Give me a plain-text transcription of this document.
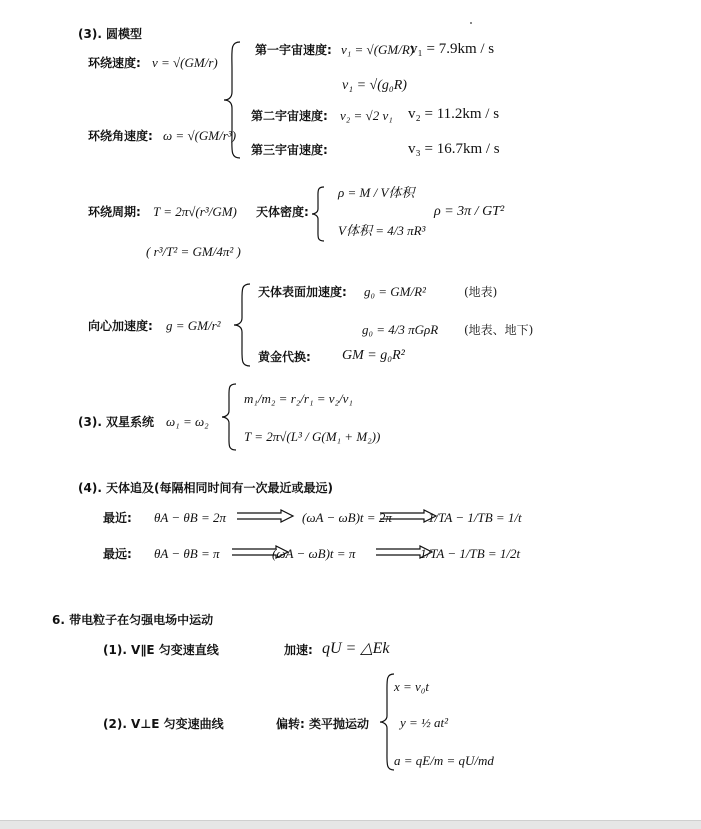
(3). 圆模型
环绕速度: v = √(GM/r)
第一宇宙速度: v₁ = √(GM/R)
v₁ = 7.9km / s
v₁ = √(g₀R)
第二宇宙速度: v₂ = √2 v₁ v₂ = 11.2km / s
环绕角速度: ω = √(GM/r³)
第三宇宙速度:	v₃ = 16.7km / s
环绕周期: T = 2π√(r³/GM)
( r³/T² = GM/4π² )
天体密度:
ρ = M / V体积
V体积 = 4/3 πR³
ρ = 3π / GT²
天体表面加速度: g₀ = GM/R²	(地表)
向心加速度: g = GM/r²	g₀ = 4/3 πGρR (地表、地下)
黄金代换: GM = g₀R²
(3). 双星系统 ω₁ = ω₂
m₁/m₂ = r₂/r₁ = v₂/v₁
T = 2π√(L³ / G(M₁ + M₂))
(4). 天体追及(每隔相同时间有一次最近或最远)
最近: θA − θB = 2π	(ωA − ωB)t = 2π	1/TA − 1/TB = 1/t
最远: θA − θB = π	(ωA − ωB)t = π	1/TA − 1/TB = 1/2t
6. 带电粒子在匀强电场中运动
(1). V∥E 匀变速直线	加速: qU = △Ek
(2). V⊥E 匀变速曲线	偏转: 类平抛运动
x = v₀t
y = ½ at²
a = qE/m = qU/md
